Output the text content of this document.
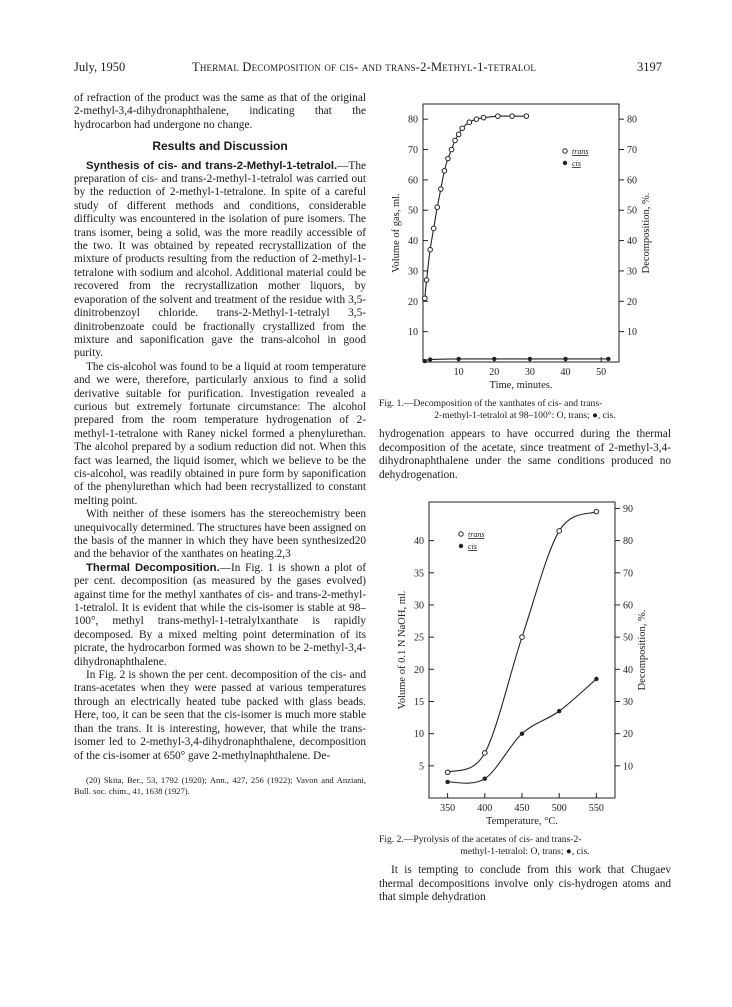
July, 1950	Thermal Decomposition of cis- and trans-2-Methyl-1-tetralol	3197

of refraction of the product was the same as that of the original 2-methyl-3,4-dihydronaphthalene, indicating that the hydrocarbon had undergone no change.

Results and Discussion

Synthesis of cis- and trans-2-Methyl-1-tetralol.—The preparation of cis- and trans-2-methyl-1-tetralol was carried out by the reduction of 2-methyl-1-tetralone. In spite of a careful study of different methods and conditions, considerable difficulty was encountered in the isolation of pure isomers. The trans isomer, being a solid, was the more readily accessible of the two. It was obtained by repeated recrystallization of the mixture of products resulting from the reduction of 2-methyl-1-tetralone with sodium and alcohol. Additional material could be recovered from the recrystallization mother liquors, by evaporation of the solvent and treatment of the residue with 3,5-dinitrobenzoyl chloride. trans-2-Methyl-1-tetralyl 3,5-dinitrobenzoate could be fractionally crystallized from the mixture and saponification gave the trans-alcohol in good purity.

The cis-alcohol was found to be a liquid at room temperature and we were, therefore, particularly anxious to find a solid derivative suitable for purification. Investigation revealed a curious but extremely fortunate circumstance: The alcohol prepared from the room temperature hydrogenation of 2-methyl-1-tetralone with Raney nickel formed a phenylurethan. The alcohol prepared by a sodium reduction did not. When this fact was learned, the liquid isomer, which we believe to be the cis-alcohol, was readily obtained in pure form by saponification of the phenylurethan which had been recrystallized to constant melting point.

With neither of these isomers has the stereochemistry been unequivocally determined. The structures have been assigned on the basis of the manner in which they have been synthesized20 and the behavior of the xanthates on heating.2,3

Thermal Decomposition.—In Fig. 1 is shown a plot of per cent. decomposition (as measured by the gases evolved) against time for the methyl xanthates of cis- and trans-2-methyl-1-tetralol. It is evident that while the cis-isomer is stable at 98–100°, methyl trans-methyl-1-tetralylxanthate is rapidly decomposed. By a mixed melting point determination of its picrate, the hydrocarbon formed was shown to be 2-methyl-3,4-dihydronaphthalene.

In Fig. 2 is shown the per cent. decomposition of the cis- and trans-acetates when they were passed at various temperatures through an electrically heated tube packed with glass beads. Here, too, it can be seen that the cis-isomer is much more stable than the trans. It is interesting, however, that while the trans-isomer led to 2-methyl-3,4-dihydronaphthalene, decomposition of the cis-isomer at 650° gave 2-methylnaphthalene. De-

(20) Skita, Ber., 53, 1792 (1920); Ann., 427, 256 (1922); Vavon and Anziani, Bull. soc. chim., 41, 1638 (1927).

10	20	30	40	50
10
20
30
40
50
60
70
80
10
20
30
40
50
60
70
80
Time, minutes.
Volume of gas, ml.	Decomposition, %.
trans
cis

Fig. 1.—Decomposition of the xanthates of cis- and trans-
2-methyl-1-tetralol at 98–100°: O, trans; ●, cis.

hydrogenation appears to have occurred during the thermal decomposition of the acetate, since treatment of 2-methyl-3,4-dihydronaphthalene under the same conditions produced no dehydrogenation.

350 400 450 500 550
5
10
15
20
25
30
35
40
10
20
30
40
50
60
70
80
90
Temperature, °C.
Volume of 0.1 N NaOH, ml.	Decomposition, %.
trans
cis

Fig. 2.—Pyrolysis of the acetates of cis- and trans-2-
methyl-1-tetralol: O, trans; ●, cis.

It is tempting to conclude from this work that Chugaev thermal decompositions involve only cis-hydrogen atoms and that simple dehydration
